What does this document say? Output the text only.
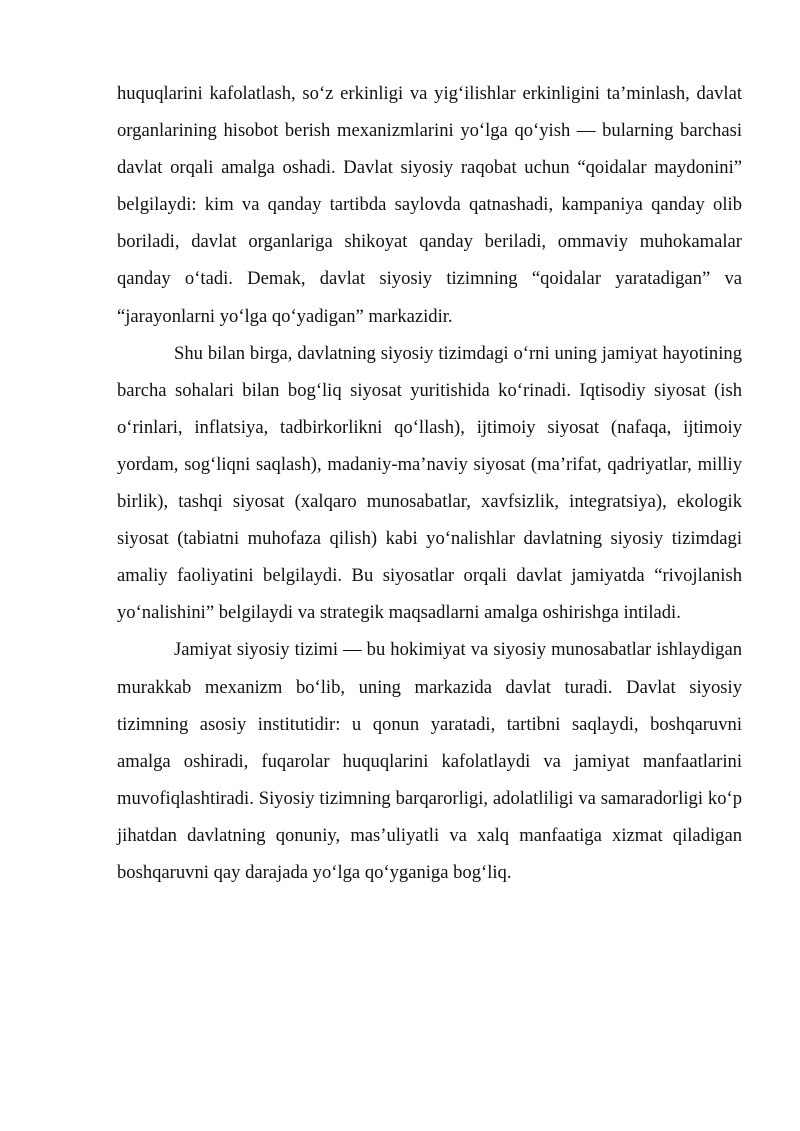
huquqlarini kafolatlash, so‘z erkinligi va yig‘ilishlar erkinligini ta’minlash, davlat organlarining hisobot berish mexanizmlarini yo‘lga qo‘yish — bularning barchasi davlat orqali amalga oshadi. Davlat siyosiy raqobat uchun “qoidalar maydonini” belgilaydi: kim va qanday tartibda saylovda qatnashadi, kampaniya qanday olib boriladi, davlat organlariga shikoyat qanday beriladi, ommaviy muhokamalar qanday o‘tadi. Demak, davlat siyosiy tizimning “qoidalar yaratadigan” va “jarayonlarni yo‘lga qo‘yadigan” markazidir.

Shu bilan birga, davlatning siyosiy tizimdagi o‘rni uning jamiyat hayotining barcha sohalari bilan bog‘liq siyosat yuritishida ko‘rinadi. Iqtisodiy siyosat (ish o‘rinlari, inflatsiya, tadbirkorlikni qo‘llash), ijtimoiy siyosat (nafaqa, ijtimoiy yordam, sog‘liqni saqlash), madaniy-ma’naviy siyosat (ma’rifat, qadriyatlar, milliy birlik), tashqi siyosat (xalqaro munosabatlar, xavfsizlik, integratsiya), ekologik siyosat (tabiatni muhofaza qilish) kabi yo‘nalishlar davlatning siyosiy tizimdagi amaliy faoliyatini belgilaydi. Bu siyosatlar orqali davlat jamiyatda “rivojlanish yo‘nalishini” belgilaydi va strategik maqsadlarni amalga oshirishga intiladi.

Jamiyat siyosiy tizimi — bu hokimiyat va siyosiy munosabatlar ishlaydigan murakkab mexanizm bo‘lib, uning markazida davlat turadi. Davlat siyosiy tizimning asosiy institutidir: u qonun yaratadi, tartibni saqlaydi, boshqaruvni amalga oshiradi, fuqarolar huquqlarini kafolatlaydi va jamiyat manfaatlarini muvofiqlashtiradi. Siyosiy tizimning barqarorligi, adolatliligi va samaradorligi ko‘p jihatdan davlatning qonuniy, mas’uliyatli va xalq manfaatiga xizmat qiladigan boshqaruvni qay darajada yo‘lga qo‘yganiga bog‘liq.
